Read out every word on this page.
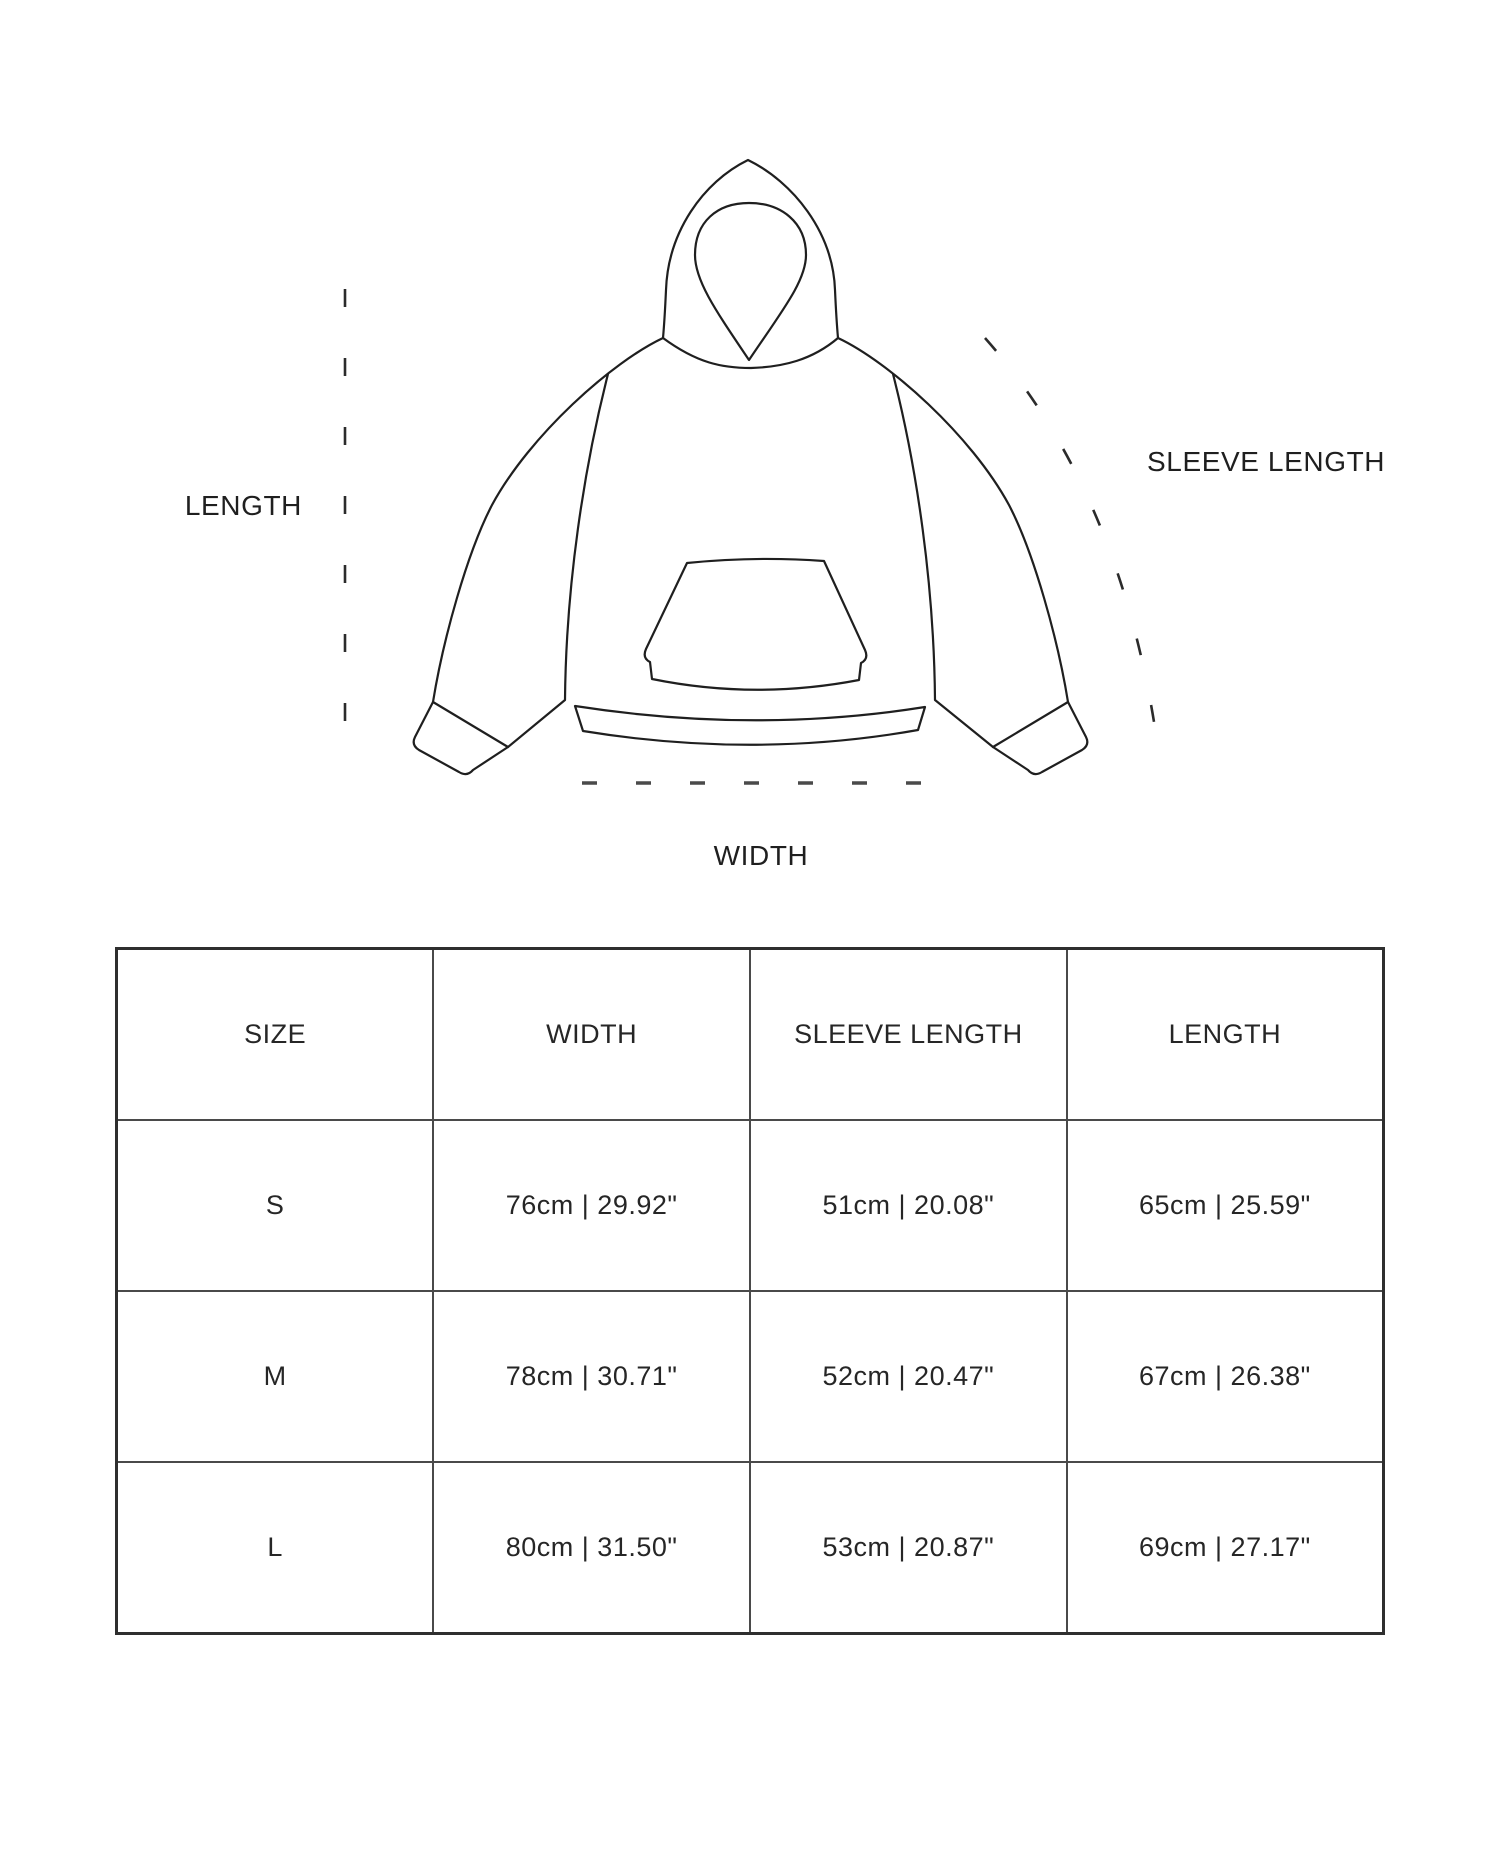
LENGTH
SLEEVE LENGTH
WIDTH
SIZE	WIDTH	SLEEVE LENGTH	LENGTH
S	76cm | 29.92"	51cm | 20.08"	65cm | 25.59"
M	78cm | 30.71"	52cm | 20.47"	67cm | 26.38"
L	80cm | 31.50"	53cm | 20.87"	69cm | 27.17"
